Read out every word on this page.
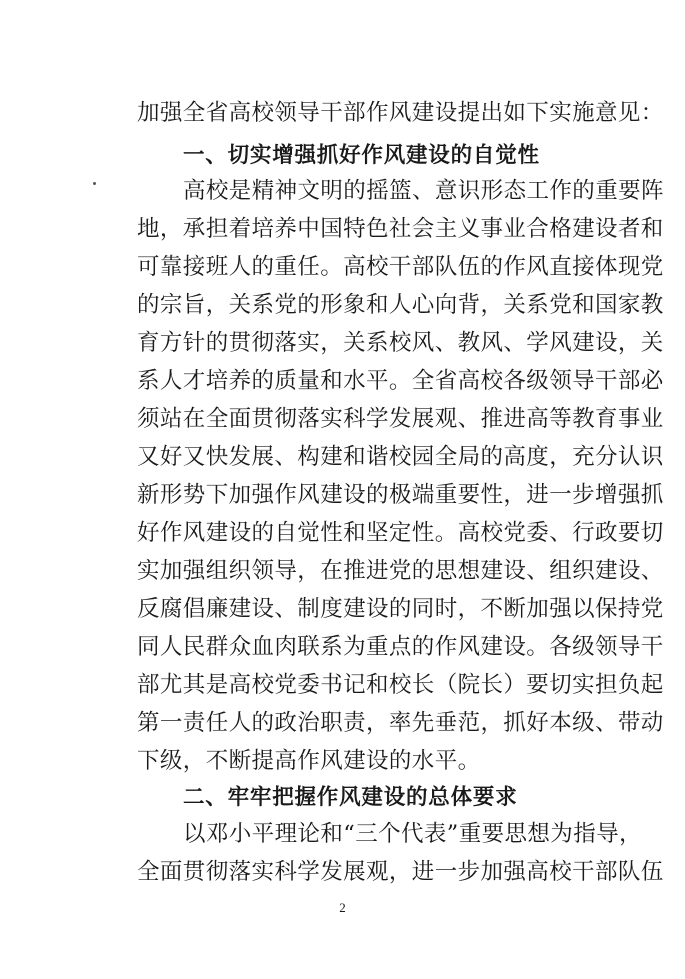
加强全省高校领导干部作风建设提出如下实施意见：
一、切实增强抓好作风建设的自觉性
高校是精神文明的摇篮、意识形态工作的重要阵
地，承担着培养中国特色社会主义事业合格建设者和
可靠接班人的重任。高校干部队伍的作风直接体现党
的宗旨，关系党的形象和人心向背，关系党和国家教
育方针的贯彻落实，关系校风、教风、学风建设，关
系人才培养的质量和水平。全省高校各级领导干部必
须站在全面贯彻落实科学发展观、推进高等教育事业
又好又快发展、构建和谐校园全局的高度，充分认识
新形势下加强作风建设的极端重要性，进一步增强抓
好作风建设的自觉性和坚定性。高校党委、行政要切
实加强组织领导，在推进党的思想建设、组织建设、
反腐倡廉建设、制度建设的同时，不断加强以保持党
同人民群众血肉联系为重点的作风建设。各级领导干
部尤其是高校党委书记和校长（院长）要切实担负起
第一责任人的政治职责，率先垂范，抓好本级、带动
下级，不断提高作风建设的水平。
二、牢牢把握作风建设的总体要求
以邓小平理论和“三个代表”重要思想为指导，
全面贯彻落实科学发展观，进一步加强高校干部队伍
2
